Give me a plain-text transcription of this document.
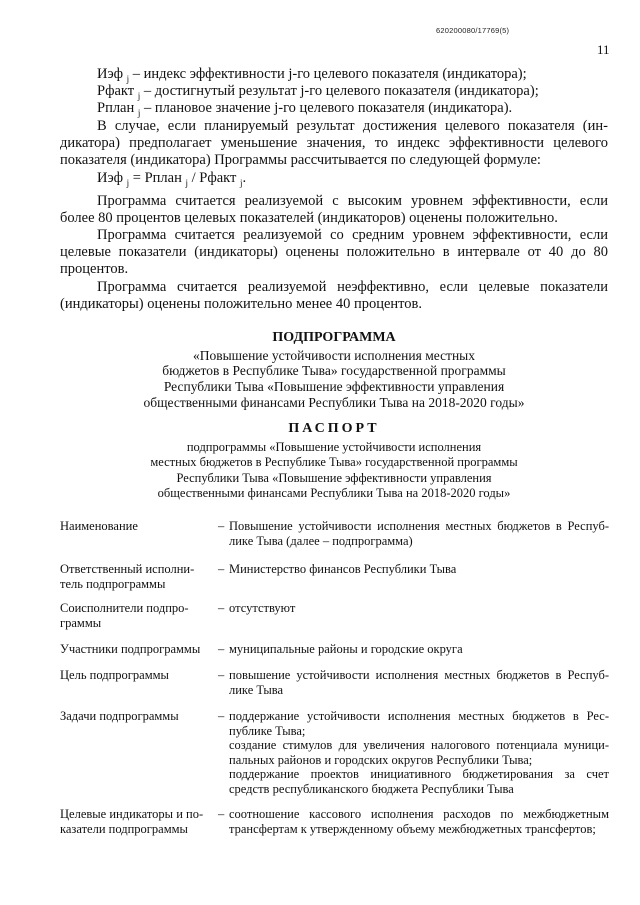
620200080/17769(5)
11
Иэф $_j$ – индекс эффективности j-го целевого показателя (индикатора);
Pфакт $_j$ – достигнутый результат j-го целевого показателя (индикатора);
Рплан $_j$ – плановое значение j-го целевого показателя (индикатора).
В случае, если планируемый результат достижения целевого показателя (ин-
дикатора) предполагает уменьшение значения, то индекс эффективности целевого
показателя (индикатора) Программы рассчитывается по следующей формуле:
Иэф $_j$ = Рплан $_j$ / Рфакт $_j$.
Программа считается реализуемой с высоким уровнем эффективности, если
более 80 процентов целевых показателей (индикаторов) оценены положительно.
Программа считается реализуемой со средним уровнем эффективности, если
целевые показатели (индикаторы) оценены положительно в интервале от 40 до 80
процентов.
Программа считается реализуемой неэффективно, если целевые показатели
(индикаторы) оценены положительно менее 40 процентов.
ПОДПРОГРАММА
«Повышение устойчивости исполнения местных
бюджетов в Республике Тыва» государственной программы
Республики Тыва «Повышение эффективности управления
общественными финансами Республики Тыва на 2018-2020 годы»
ПАСПОРТ
подпрограммы «Повышение устойчивости исполнения
местных бюджетов в Республике Тыва» государственной программы
Республики Тыва «Повышение эффективности управления
общественными финансами Республики Тыва на 2018-2020 годы»
Наименование	– Повышение устойчивости исполнения местных бюджетов в Респуб-
лике Тыва (далее – подпрограмма)
Ответственный исполни-
тель подпрограммы
– Министерство финансов Республики Тыва
Соисполнители подпро-
граммы
– отсутствуют
Участники подпрограммы	– муниципальные районы и городские округа
Цель подпрограммы	– повышение устойчивости исполнения местных бюджетов в Респуб-
лике Тыва
Задачи подпрограммы	– поддержание устойчивости исполнения местных бюджетов в Рес-
публике Тыва;
создание стимулов для увеличения налогового потенциала муници-
пальных районов и городских округов Республики Тыва;
поддержание проектов инициативного бюджетирования за счет
средств республиканского бюджета Республики Тыва
Целевые индикаторы и по-
казатели подпрограммы
– соотношение кассового исполнения расходов по межбюджетным
трансфертам к утвержденному объему межбюджетных трансфертов;
